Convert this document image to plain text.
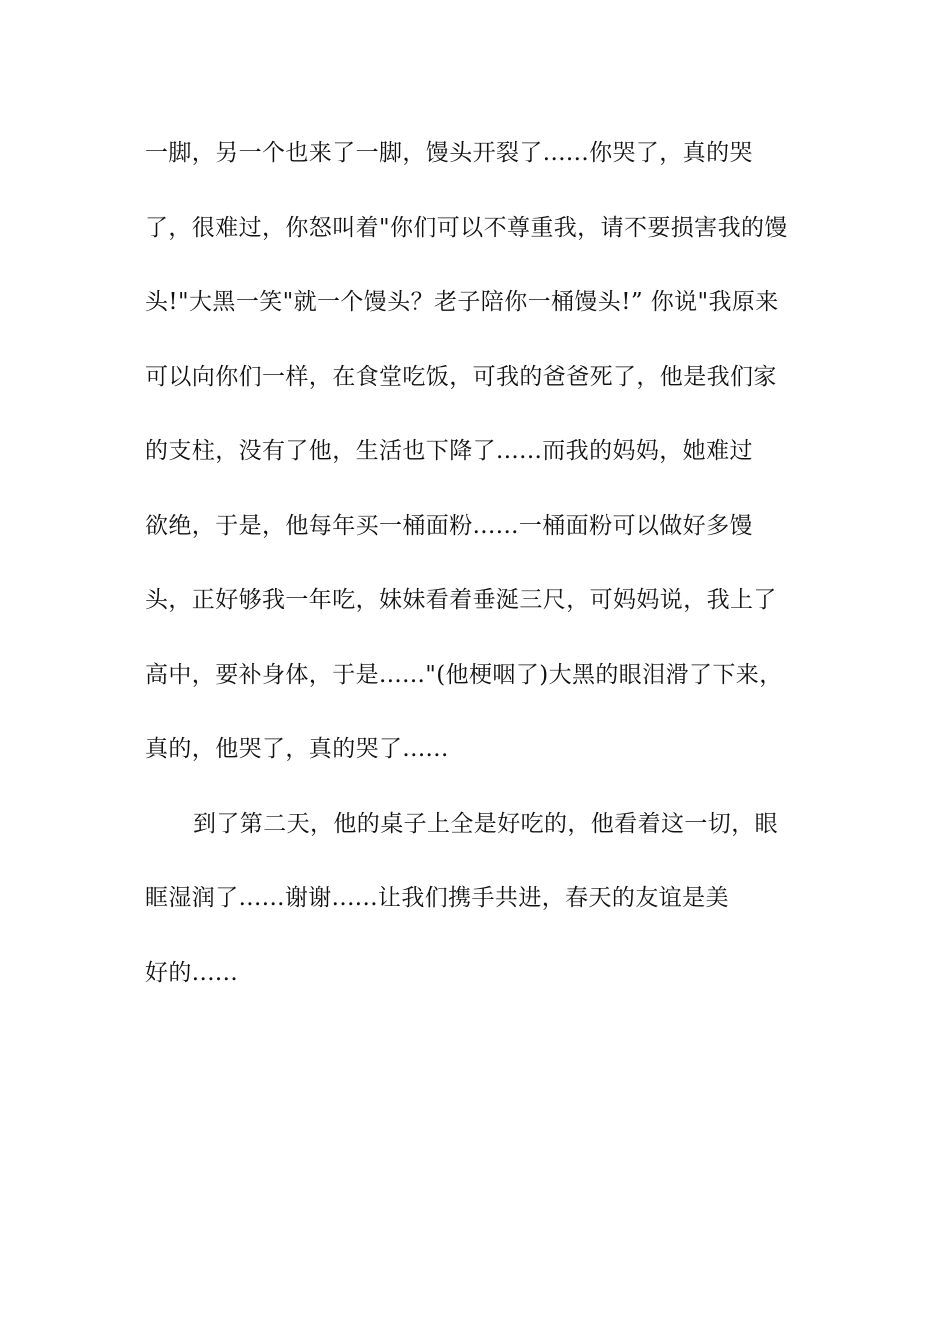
一脚，另一个也来了一脚，馒头开裂了......你哭了，真的哭
了，很难过，你怒叫着"你们可以不尊重我，请不要损害我的馒
头!"大黑一笑"就一个馒头？老子陪你一桶馒头!” 你说"我原来
可以向你们一样，在食堂吃饭，可我的爸爸死了，他是我们家
的支柱，没有了他，生活也下降了......而我的妈妈，她难过
欲绝，于是，他每年买一桶面粉......一桶面粉可以做好多馒
头，正好够我一年吃，妹妹看着垂涎三尺，可妈妈说，我上了
高中，要补身体，于是......"(他梗咽了)大黑的眼泪滑了下来，
真的，他哭了，真的哭了......
到了第二天，他的桌子上全是好吃的，他看着这一切，眼
眶湿润了......谢谢......让我们携手共进，春天的友谊是美
好的......
